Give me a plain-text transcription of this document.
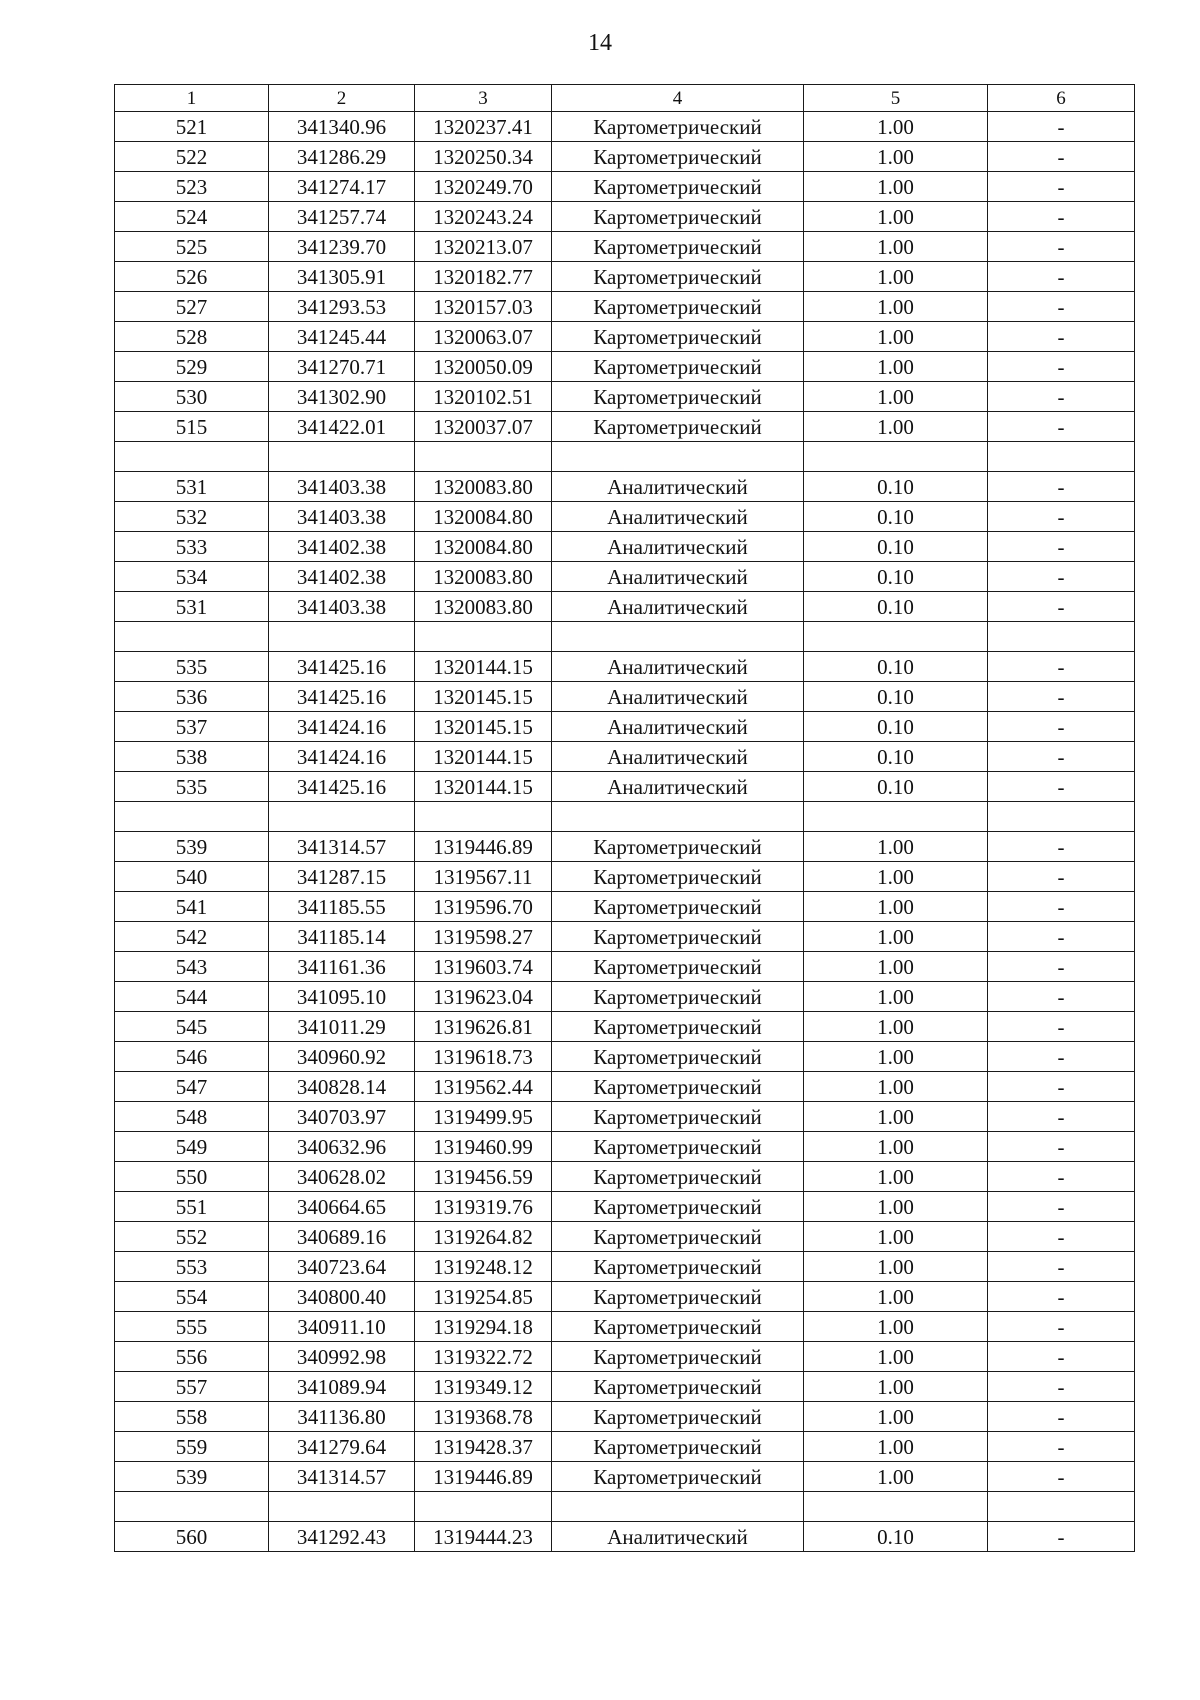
14
1	2	3	4	5	6
521	341340.96	1320237.41	Картометрический	1.00	-
522	341286.29	1320250.34	Картометрический	1.00	-
523	341274.17	1320249.70	Картометрический	1.00	-
524	341257.74	1320243.24	Картометрический	1.00	-
525	341239.70	1320213.07	Картометрический	1.00	-
526	341305.91	1320182.77	Картометрический	1.00	-
527	341293.53	1320157.03	Картометрический	1.00	-
528	341245.44	1320063.07	Картометрический	1.00	-
529	341270.71	1320050.09	Картометрический	1.00	-
530	341302.90	1320102.51	Картометрический	1.00	-
515	341422.01	1320037.07	Картометрический	1.00	-

531	341403.38	1320083.80	Аналитический	0.10	-
532	341403.38	1320084.80	Аналитический	0.10	-
533	341402.38	1320084.80	Аналитический	0.10	-
534	341402.38	1320083.80	Аналитический	0.10	-
531	341403.38	1320083.80	Аналитический	0.10	-

535	341425.16	1320144.15	Аналитический	0.10	-
536	341425.16	1320145.15	Аналитический	0.10	-
537	341424.16	1320145.15	Аналитический	0.10	-
538	341424.16	1320144.15	Аналитический	0.10	-
535	341425.16	1320144.15	Аналитический	0.10	-

539	341314.57	1319446.89	Картометрический	1.00	-
540	341287.15	1319567.11	Картометрический	1.00	-
541	341185.55	1319596.70	Картометрический	1.00	-
542	341185.14	1319598.27	Картометрический	1.00	-
543	341161.36	1319603.74	Картометрический	1.00	-
544	341095.10	1319623.04	Картометрический	1.00	-
545	341011.29	1319626.81	Картометрический	1.00	-
546	340960.92	1319618.73	Картометрический	1.00	-
547	340828.14	1319562.44	Картометрический	1.00	-
548	340703.97	1319499.95	Картометрический	1.00	-
549	340632.96	1319460.99	Картометрический	1.00	-
550	340628.02	1319456.59	Картометрический	1.00	-
551	340664.65	1319319.76	Картометрический	1.00	-
552	340689.16	1319264.82	Картометрический	1.00	-
553	340723.64	1319248.12	Картометрический	1.00	-
554	340800.40	1319254.85	Картометрический	1.00	-
555	340911.10	1319294.18	Картометрический	1.00	-
556	340992.98	1319322.72	Картометрический	1.00	-
557	341089.94	1319349.12	Картометрический	1.00	-
558	341136.80	1319368.78	Картометрический	1.00	-
559	341279.64	1319428.37	Картометрический	1.00	-
539	341314.57	1319446.89	Картометрический	1.00	-

560	341292.43	1319444.23	Аналитический	0.10	-
